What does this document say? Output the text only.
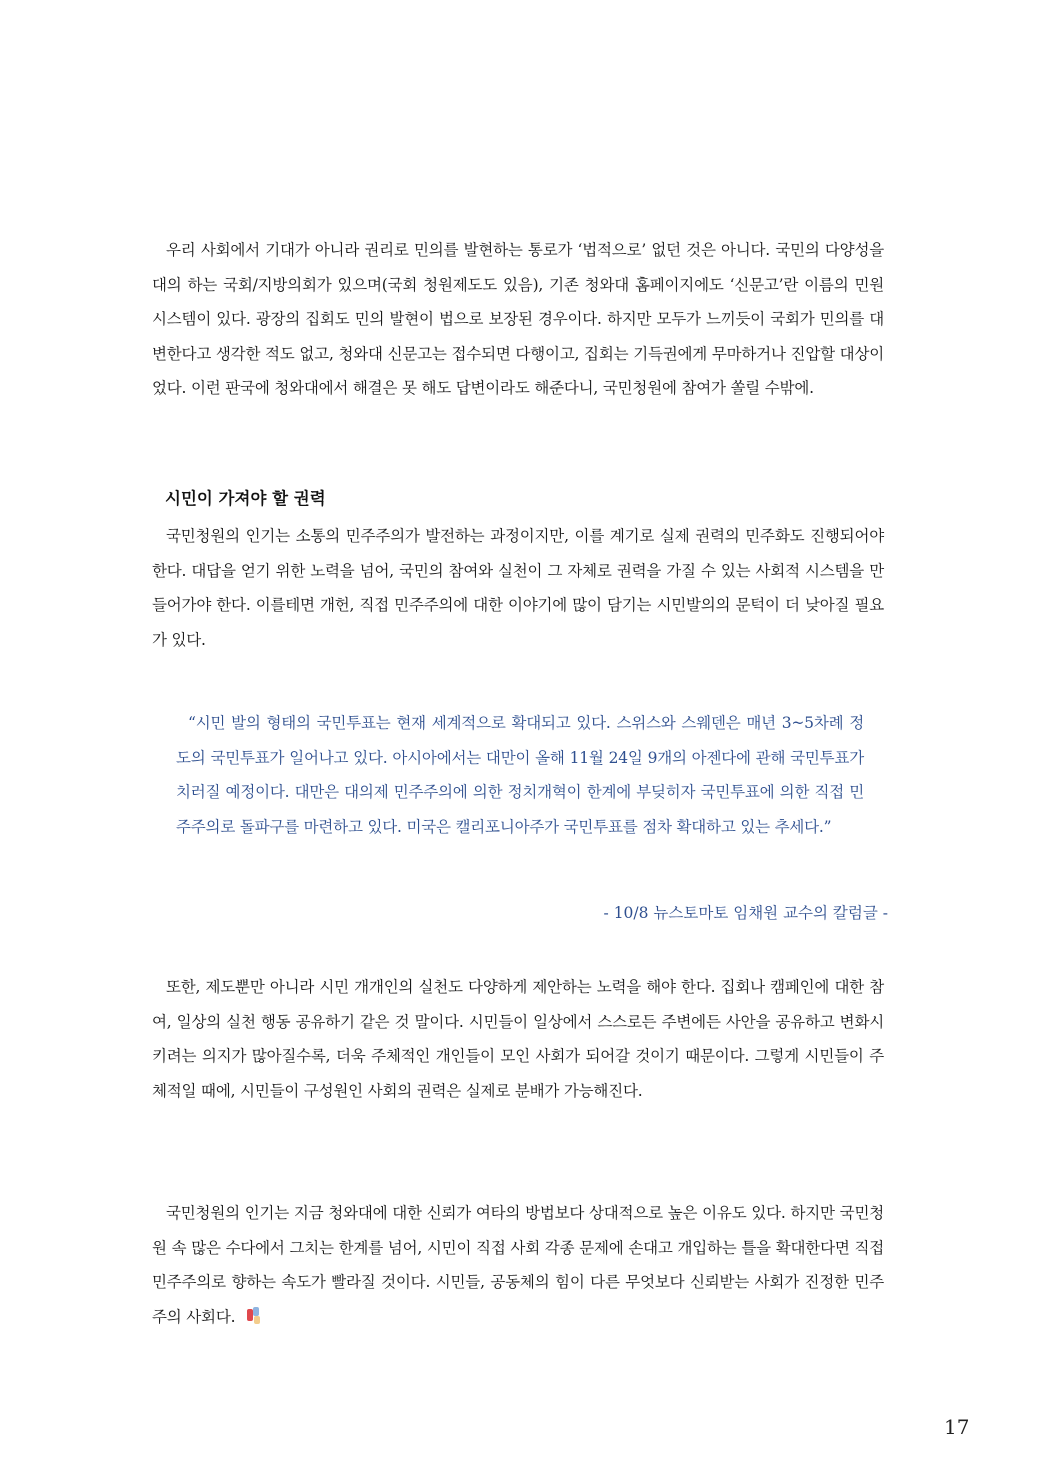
우리 사회에서 기대가 아니라 권리로 민의를 발현하는 통로가 ‘법적으로’ 없던 것은 아니다. 국민의 다양성을 대의 하는 국회/지방의회가 있으며(국회 청원제도도 있음), 기존 청와대 홈페이지에도 ‘신문고’란 이름의 민원 시스템이 있다. 광장의 집회도 민의 발현이 법으로 보장된 경우이다. 하지만 모두가 느끼듯이 국회가 민의를 대변한다고 생각한 적도 없고, 청와대 신문고는 접수되면 다행이고, 집회는 기득권에게 무마하거나 진압할 대상이었다. 이런 판국에 청와대에서 해결은 못 해도 답변이라도 해준다니, 국민청원에 참여가 쏠릴 수밖에.

시민이 가져야 할 권력

국민청원의 인기는 소통의 민주주의가 발전하는 과정이지만, 이를 계기로 실제 권력의 민주화도 진행되어야 한다. 대답을 얻기 위한 노력을 넘어, 국민의 참여와 실천이 그 자체로 권력을 가질 수 있는 사회적 시스템을 만들어가야 한다. 이를테면 개헌, 직접 민주주의에 대한 이야기에 많이 담기는 시민발의의 문턱이 더 낮아질 필요가 있다.

“시민 발의 형태의 국민투표는 현재 세계적으로 확대되고 있다. 스위스와 스웨덴은 매년 3~5차례 정도의 국민투표가 일어나고 있다. 아시아에서는 대만이 올해 11월 24일 9개의 아젠다에 관해 국민투표가 치러질 예정이다. 대만은 대의제 민주주의에 의한 정치개혁이 한계에 부딪히자 국민투표에 의한 직접 민주주의로 돌파구를 마련하고 있다. 미국은 캘리포니아주가 국민투표를 점차 확대하고 있는 추세다.”

- 10/8 뉴스토마토 임채원 교수의 칼럼글 -

또한, 제도뿐만 아니라 시민 개개인의 실천도 다양하게 제안하는 노력을 해야 한다. 집회나 캠페인에 대한 참여, 일상의 실천 행동 공유하기 같은 것 말이다. 시민들이 일상에서 스스로든 주변에든 사안을 공유하고 변화시키려는 의지가 많아질수록, 더욱 주체적인 개인들이 모인 사회가 되어갈 것이기 때문이다. 그렇게 시민들이 주체적일 때에, 시민들이 구성원인 사회의 권력은 실제로 분배가 가능해진다.

국민청원의 인기는 지금 청와대에 대한 신뢰가 여타의 방법보다 상대적으로 높은 이유도 있다. 하지만 국민청원 속 많은 수다에서 그치는 한계를 넘어, 시민이 직접 사회 각종 문제에 손대고 개입하는 틀을 확대한다면 직접 민주주의로 향하는 속도가 빨라질 것이다. 시민들, 공동체의 힘이 다른 무엇보다 신뢰받는 사회가 진정한 민주주의 사회다.

17
